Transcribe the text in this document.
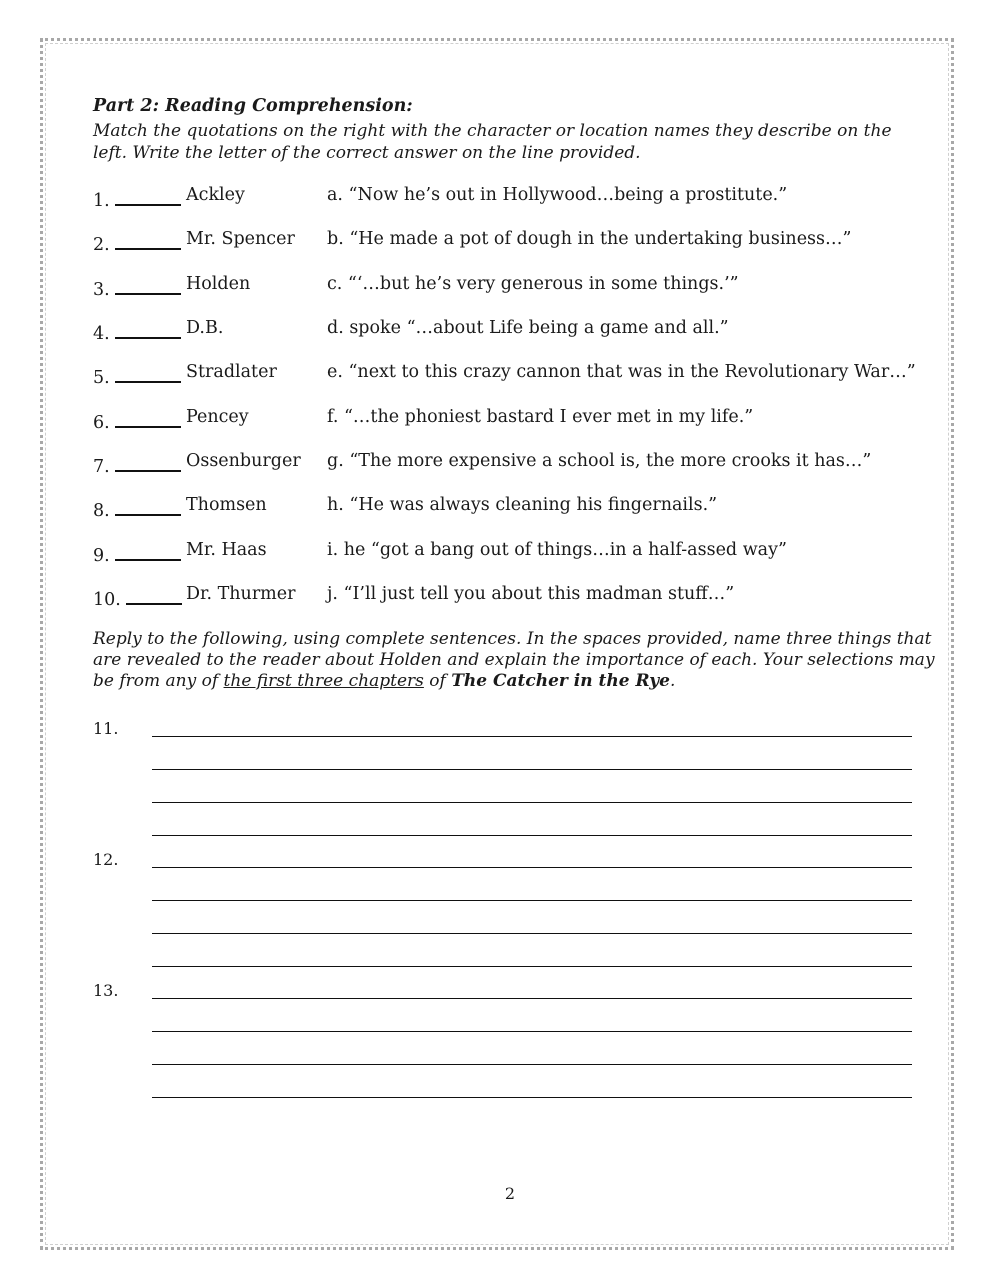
Part 2: Reading Comprehension:
Match the quotations on the right with the character or location names they describe on the left. Write the letter of the correct answer on the line provided.
1.	Ackley	a. “Now he’s out in Hollywood…being a prostitute.”
2.	Mr. Spencer b. “He made a pot of dough in the undertaking business…”
3.	Holden	c. “‘…but he’s very generous in some things.’”
4.	D.B.	d. spoke “…about Life being a game and all.”
5.	Stradlater	e. “next to this crazy cannon that was in the Revolutionary War…”
6.	Pencey	f. “…the phoniest bastard I ever met in my life.”
7.	Ossenburger g. “The more expensive a school is, the more crooks it has…”
8.	Thomsen	h. “He was always cleaning his fingernails.”
9.	Mr. Haas	i. he “got a bang out of things…in a half-assed way”
10.	Dr. Thurmer j. “I’ll just tell you about this madman stuff…”
Reply to the following, using complete sentences. In the spaces provided, name three things that are revealed to the reader about Holden and explain the importance of each. Your selections may be from any of the first three chapters of The Catcher in the Rye.
11.
12.
13.
2
